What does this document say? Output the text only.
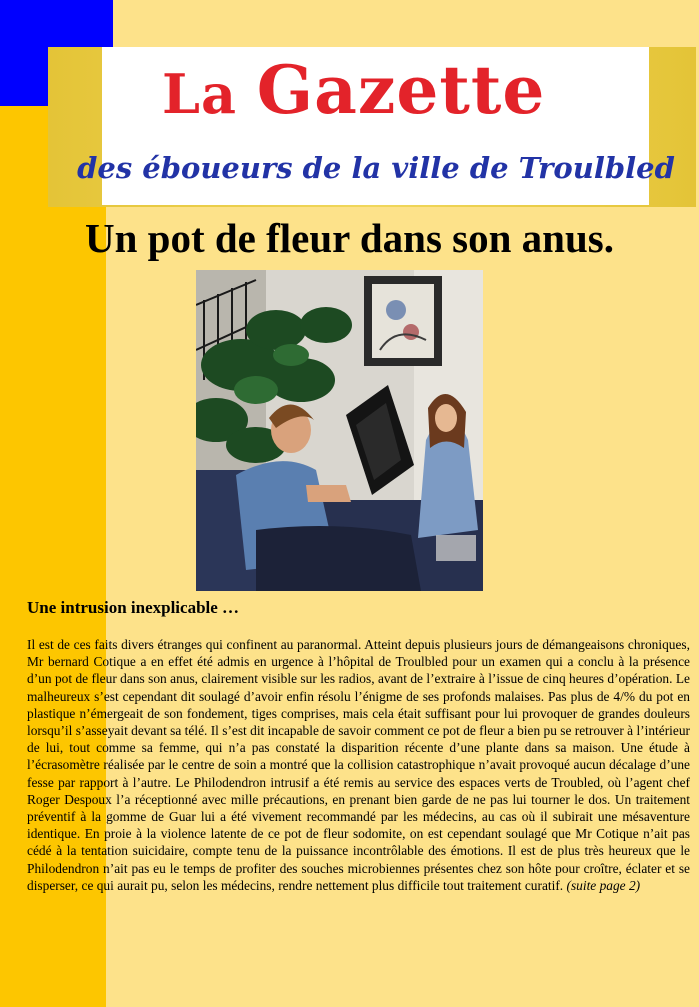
La Gazette
des éboueurs de la ville de Troulbled
Un pot de fleur dans son anus.
Une intrusion inexplicable …

Il est de ces faits divers étranges qui confinent au paranormal. Atteint depuis plusieurs jours de démangeaisons chroniques, Mr bernard Cotique a en effet été admis en urgence à l’hôpital de Troulbled pour un examen qui a conclu à la présence d’un pot de fleur dans son anus, clairement visible sur les radios, avant de l’extraire à l’issue de cinq heures d’opération. Le malheureux s’est cependant dit soulagé d’avoir enfin résolu l’énigme de ses profonds malaises. Pas plus de 4/% du pot en plastique n’émergeait de son fondement, tiges comprises, mais cela était suffisant pour lui provoquer de grandes douleurs lorsqu’il s’asseyait devant sa télé. Il s’est dit incapable de savoir comment ce pot de fleur a bien pu se retrouver à l’intérieur de lui, tout comme sa femme, qui n’a pas constaté la disparition récente d’une plante dans sa maison. Une étude à l’écrasomètre réalisée par le centre de soin a montré que la collision catastrophique n’avait provoqué aucun décalage d’une fesse par rapport à l’autre. Le Philodendron intrusif a été remis au service des espaces verts de Troubled, où l’agent chef Roger Despoux l’a réceptionné avec mille précautions, en prenant bien garde de ne pas lui tourner le dos. Un traitement préventif à la gomme de Guar lui a été vivement recommandé par les médecins, au cas où il subirait une mésaventure identique. En proie à la violence latente de ce pot de fleur sodomite, on est cependant soulagé que Mr Cotique n’ait pas cédé à la tentation suicidaire, compte tenu de la puissance incontrôlable des émotions. Il est de plus très heureux que le Philodendron n’ait pas eu le temps de profiter des souches microbiennes présentes chez son hôte pour croître, éclater et se disperser, ce qui aurait pu, selon les médecins, rendre nettement plus difficile tout traitement curatif. (suite page 2)
